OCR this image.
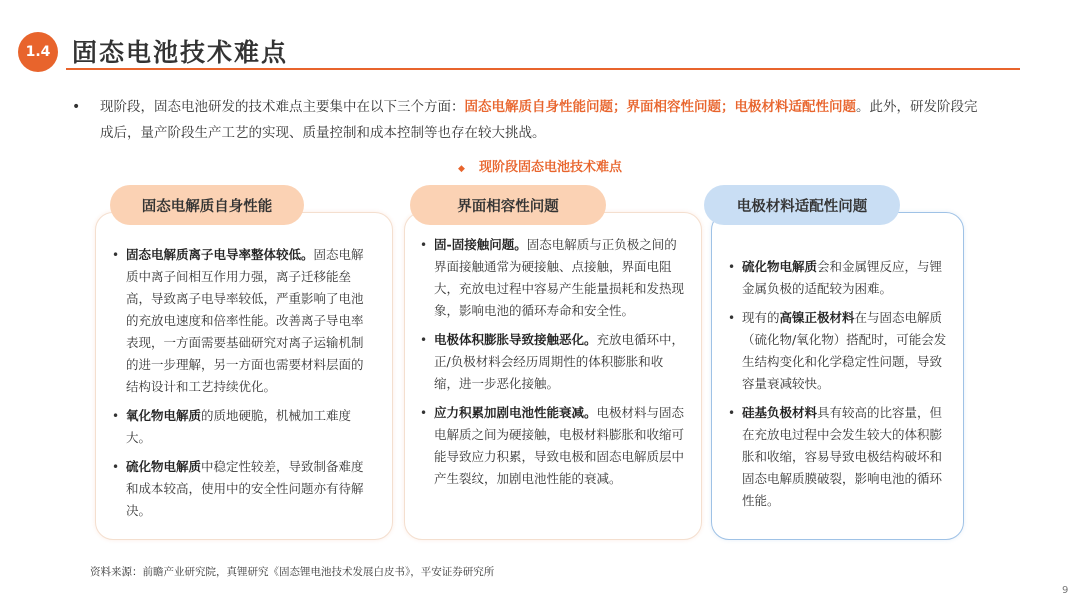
1.4 固态电池技术难点
• 现阶段，固态电池研发的技术难点主要集中在以下三个方面：固态电解质自身性能问题；界面相容性问题；电极材料适配性问题。此外，研发阶段完成后，量产阶段生产工艺的实现、质量控制和成本控制等也存在较大挑战。
◆ 现阶段固态电池技术难点
固态电解质自身性能
• 固态电解质离子电导率整体较低。固态电解质中离子间相互作用力强，离子迁移能垒高，导致离子电导率较低，严重影响了电池的充放电速度和倍率性能。改善离子导电率表现，一方面需要基础研究对离子运输机制的进一步理解，另一方面也需要材料层面的结构设计和工艺持续优化。
• 氧化物电解质的质地硬脆，机械加工难度大。
• 硫化物电解质中稳定性较差，导致制备难度和成本较高，使用中的安全性问题亦有待解决。
界面相容性问题
• 固-固接触问题。固态电解质与正负极之间的界面接触通常为硬接触、点接触，界面电阻大，充放电过程中容易产生能量损耗和发热现象，影响电池的循环寿命和安全性。
• 电极体积膨胀导致接触恶化。充放电循环中，正/负极材料会经历周期性的体积膨胀和收缩，进一步恶化接触。
• 应力积累加剧电池性能衰减。电极材料与固态电解质之间为硬接触，电极材料膨胀和收缩可能导致应力积累，导致电极和固态电解质层中产生裂纹，加剧电池性能的衰减。
电极材料适配性问题
• 硫化物电解质会和金属锂反应，与锂金属负极的适配较为困难。
• 现有的高镍正极材料在与固态电解质（硫化物/氧化物）搭配时，可能会发生结构变化和化学稳定性问题，导致容量衰减较快。
• 硅基负极材料具有较高的比容量，但在充放电过程中会发生较大的体积膨胀和收缩，容易导致电极结构破坏和固态电解质膜破裂，影响电池的循环性能。
资料来源：前瞻产业研究院，真锂研究《固态锂电池技术发展白皮书》，平安证券研究所
9
